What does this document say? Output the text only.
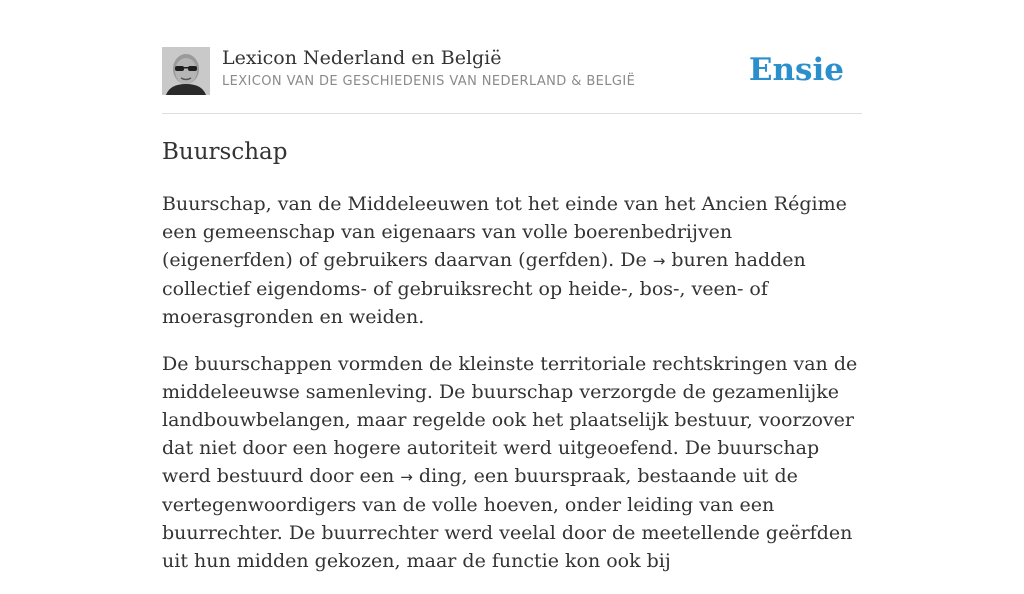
Lexicon Nederland en België
LEXICON VAN DE GESCHIEDENIS VAN NEDERLAND & BELGIË	Ensie
Buurschap

Buurschap, van de Middeleeuwen tot het einde van het Ancien Régime een gemeenschap van eigenaars van volle boerenbedrijven (eigenerfden) of gebruikers daarvan (gerfden). De → buren hadden collectief eigendoms- of gebruiksrecht op heide-, bos-, veen- of moerasgronden en weiden.

De buurschappen vormden de kleinste territoriale rechtskringen van de middeleeuwse samenleving. De buurschap verzorgde de gezamenlijke landbouwbelangen, maar regelde ook het plaatselijk bestuur, voorzover dat niet door een hogere autoriteit werd uitgeoefend. De buurschap werd bestuurd door een → ding, een buurspraak, bestaande uit de vertegenwoordigers van de volle hoeven, onder leiding van een buurrechter. De buurrechter werd veelal door de meetellende geërfden uit hun midden gekozen, maar de functie kon ook bij
